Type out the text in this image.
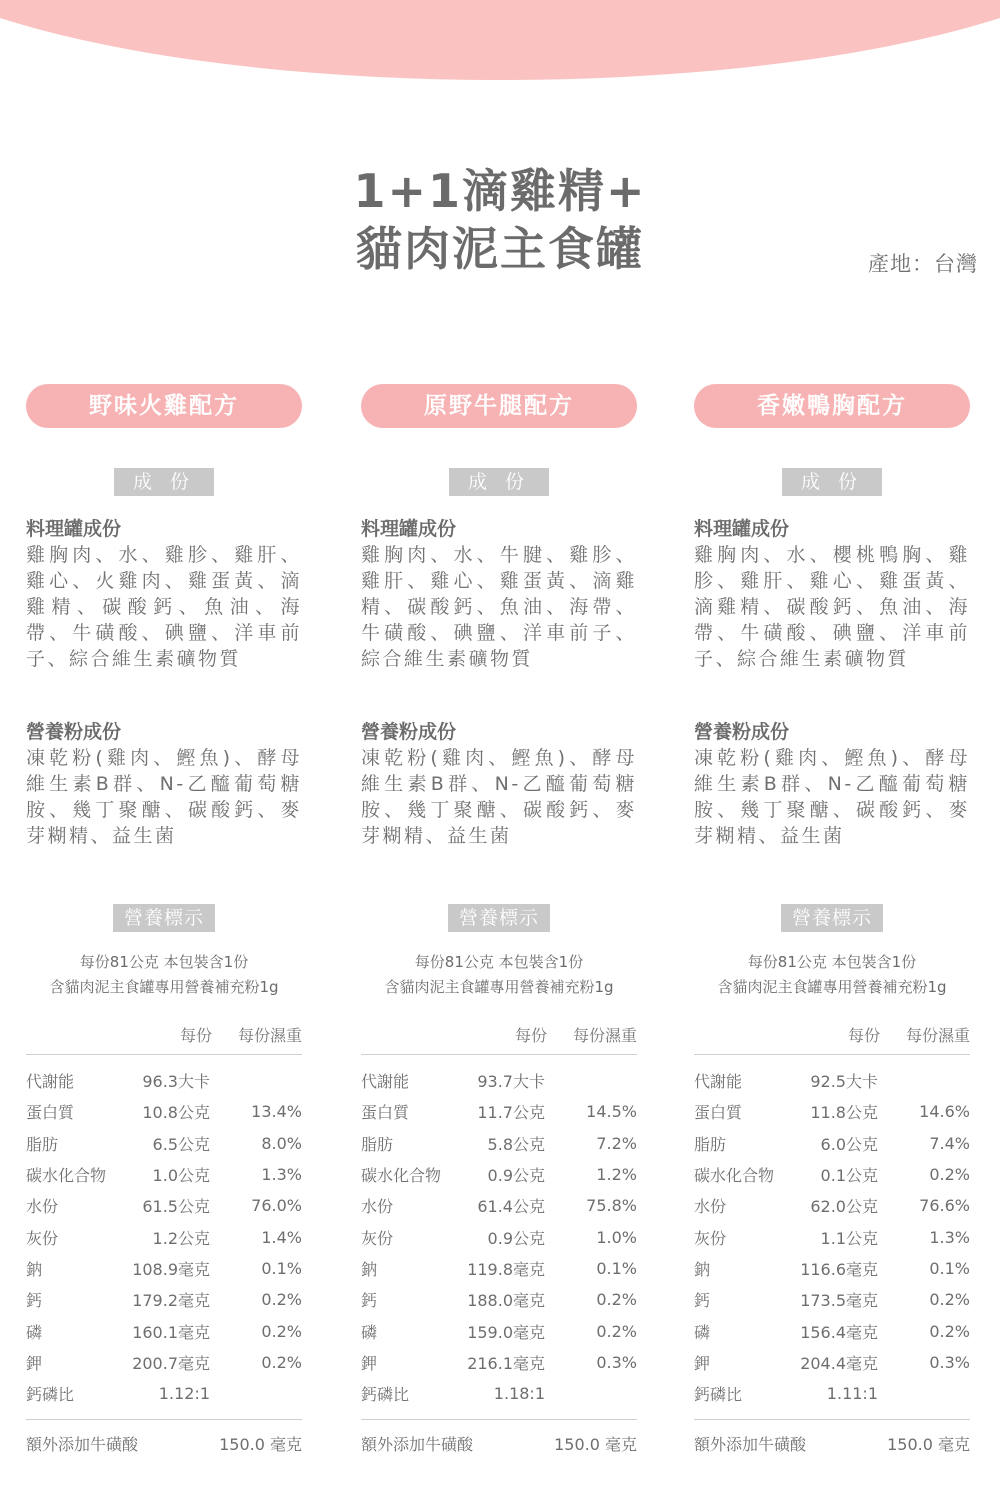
1+1滴雞精+
貓肉泥主食罐	產地：台灣
野味火雞配方
成 份
料理罐成份
雞胸肉、水、雞胗、雞肝、雞心、火雞肉、雞蛋黃、滴雞精、碳酸鈣、魚油、海帶、牛磺酸、碘鹽、洋車前子、綜合維生素礦物質
營養粉成份
凍乾粉(雞肉、鰹魚)、酵母維生素B群、N-乙醯葡萄糖胺、幾丁聚醣、碳酸鈣、麥芽糊精、益生菌
營養標示
每份81公克 本包裝含1份
含貓肉泥主食罐專用營養補充粉1g
每份	每份濕重
代謝能	96.3大卡
蛋白質	10.8公克	13.4%
脂肪	6.5公克	8.0%
碳水化合物	1.0公克	1.3%
水份	61.5公克	76.0%
灰份	1.2公克	1.4%
鈉	108.9毫克	0.1%
鈣	179.2毫克	0.2%
磷	160.1毫克	0.2%
鉀	200.7毫克	0.2%
鈣磷比	1.12:1
額外添加牛磺酸	150.0 毫克
原野牛腿配方
成 份
料理罐成份
雞胸肉、水、牛腱、雞胗、雞肝、雞心、雞蛋黃、滴雞精、碳酸鈣、魚油、海帶、牛磺酸、碘鹽、洋車前子、綜合維生素礦物質
營養粉成份
凍乾粉(雞肉、鰹魚)、酵母維生素B群、N-乙醯葡萄糖胺、幾丁聚醣、碳酸鈣、麥芽糊精、益生菌
營養標示
每份81公克 本包裝含1份
含貓肉泥主食罐專用營養補充粉1g
每份	每份濕重
代謝能	93.7大卡
蛋白質	11.7公克	14.5%
脂肪	5.8公克	7.2%
碳水化合物	0.9公克	1.2%
水份	61.4公克	75.8%
灰份	0.9公克	1.0%
鈉	119.8毫克	0.1%
鈣	188.0毫克	0.2%
磷	159.0毫克	0.2%
鉀	216.1毫克	0.3%
鈣磷比	1.18:1
額外添加牛磺酸	150.0 毫克
香嫩鴨胸配方
成 份
料理罐成份
雞胸肉、水、櫻桃鴨胸、雞胗、雞肝、雞心、雞蛋黃、滴雞精、碳酸鈣、魚油、海帶、牛磺酸、碘鹽、洋車前子、綜合維生素礦物質
營養粉成份
凍乾粉(雞肉、鰹魚)、酵母維生素B群、N-乙醯葡萄糖胺、幾丁聚醣、碳酸鈣、麥芽糊精、益生菌
營養標示
每份81公克 本包裝含1份
含貓肉泥主食罐專用營養補充粉1g
每份	每份濕重
代謝能	92.5大卡
蛋白質	11.8公克	14.6%
脂肪	6.0公克	7.4%
碳水化合物	0.1公克	0.2%
水份	62.0公克	76.6%
灰份	1.1公克	1.3%
鈉	116.6毫克	0.1%
鈣	173.5毫克	0.2%
磷	156.4毫克	0.2%
鉀	204.4毫克	0.3%
鈣磷比	1.11:1
額外添加牛磺酸	150.0 毫克
